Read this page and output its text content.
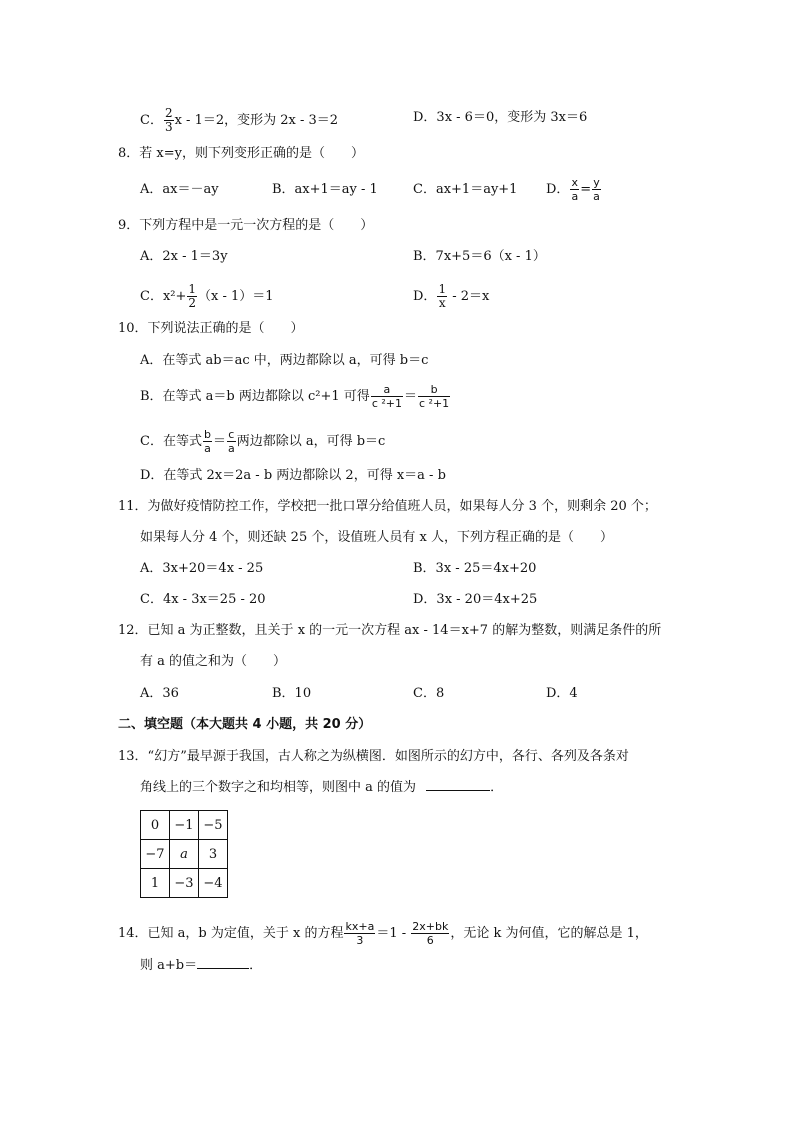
C． $\frac{2}{3}$ x - 1＝2，变形为 2x - 3＝2	D．3x - 6＝0，变形为 3x＝6
8．若 x=y，则下列变形正确的是（　　）
A．ax＝－ay	B．ax+1＝ay - 1	C．ax+1＝ay+1 D． $\frac{x}{a} = \frac{y}{a}$
9．下列方程中是一元一次方程的是（　　）
A．2x - 1＝3y	B．7x+5＝6（x - 1）
C．$x^2+ \frac{1}{2} (x - 1)=1$	D． $\frac{1}{x} - 2=x$
10．下列说法正确的是（　　）
A．在等式 ab＝ac 中，两边都除以 a，可得 b＝c
B．在等式 a＝b 两边都除以 c²+1 可得 $\frac{a}{\text{c ²+1}} = \frac{b}{\text{c ²+1}}$
C．在等式 $\frac{b}{a} = \frac{c}{a}$ 两边都除以 a，可得 b＝c
D．在等式 2x＝2a - b 两边都除以 2，可得 x＝a - b
11．为做好疫情防控工作，学校把一批口罩分给值班人员，如果每人分 3 个，则剩余 20 个；
如果每人分 4 个，则还缺 25 个，设值班人员有 x 人，下列方程正确的是（　　）
A．3x+20＝4x - 25	B．3x - 25＝4x+20
C．4x - 3x＝25 - 20	D．3x - 20＝4x+25
12．已知 a 为正整数，且关于 x 的一元一次方程 ax - 14＝x+7 的解为整数，则满足条件的所
有 a 的值之和为（　　）
A．36	B．10	C．8	D．4
二、填空题（本大题共 4 小题，共 20 分）
13．“幻方”最早源于我国，古人称之为纵横图．如图所示的幻方中，各行、各列及各条对
角线上的三个数字之和均相等，则图中 a 的值为	．
0	−1	−5
−7	a	3
1	−3	−4
14．已知 a，b 为定值，关于 x 的方程 $\frac{kx+a}{3} =1 - \frac{2x+bk}{6}$ ，无论 k 为何值，它的解总是 1，
则 a+b＝	．
